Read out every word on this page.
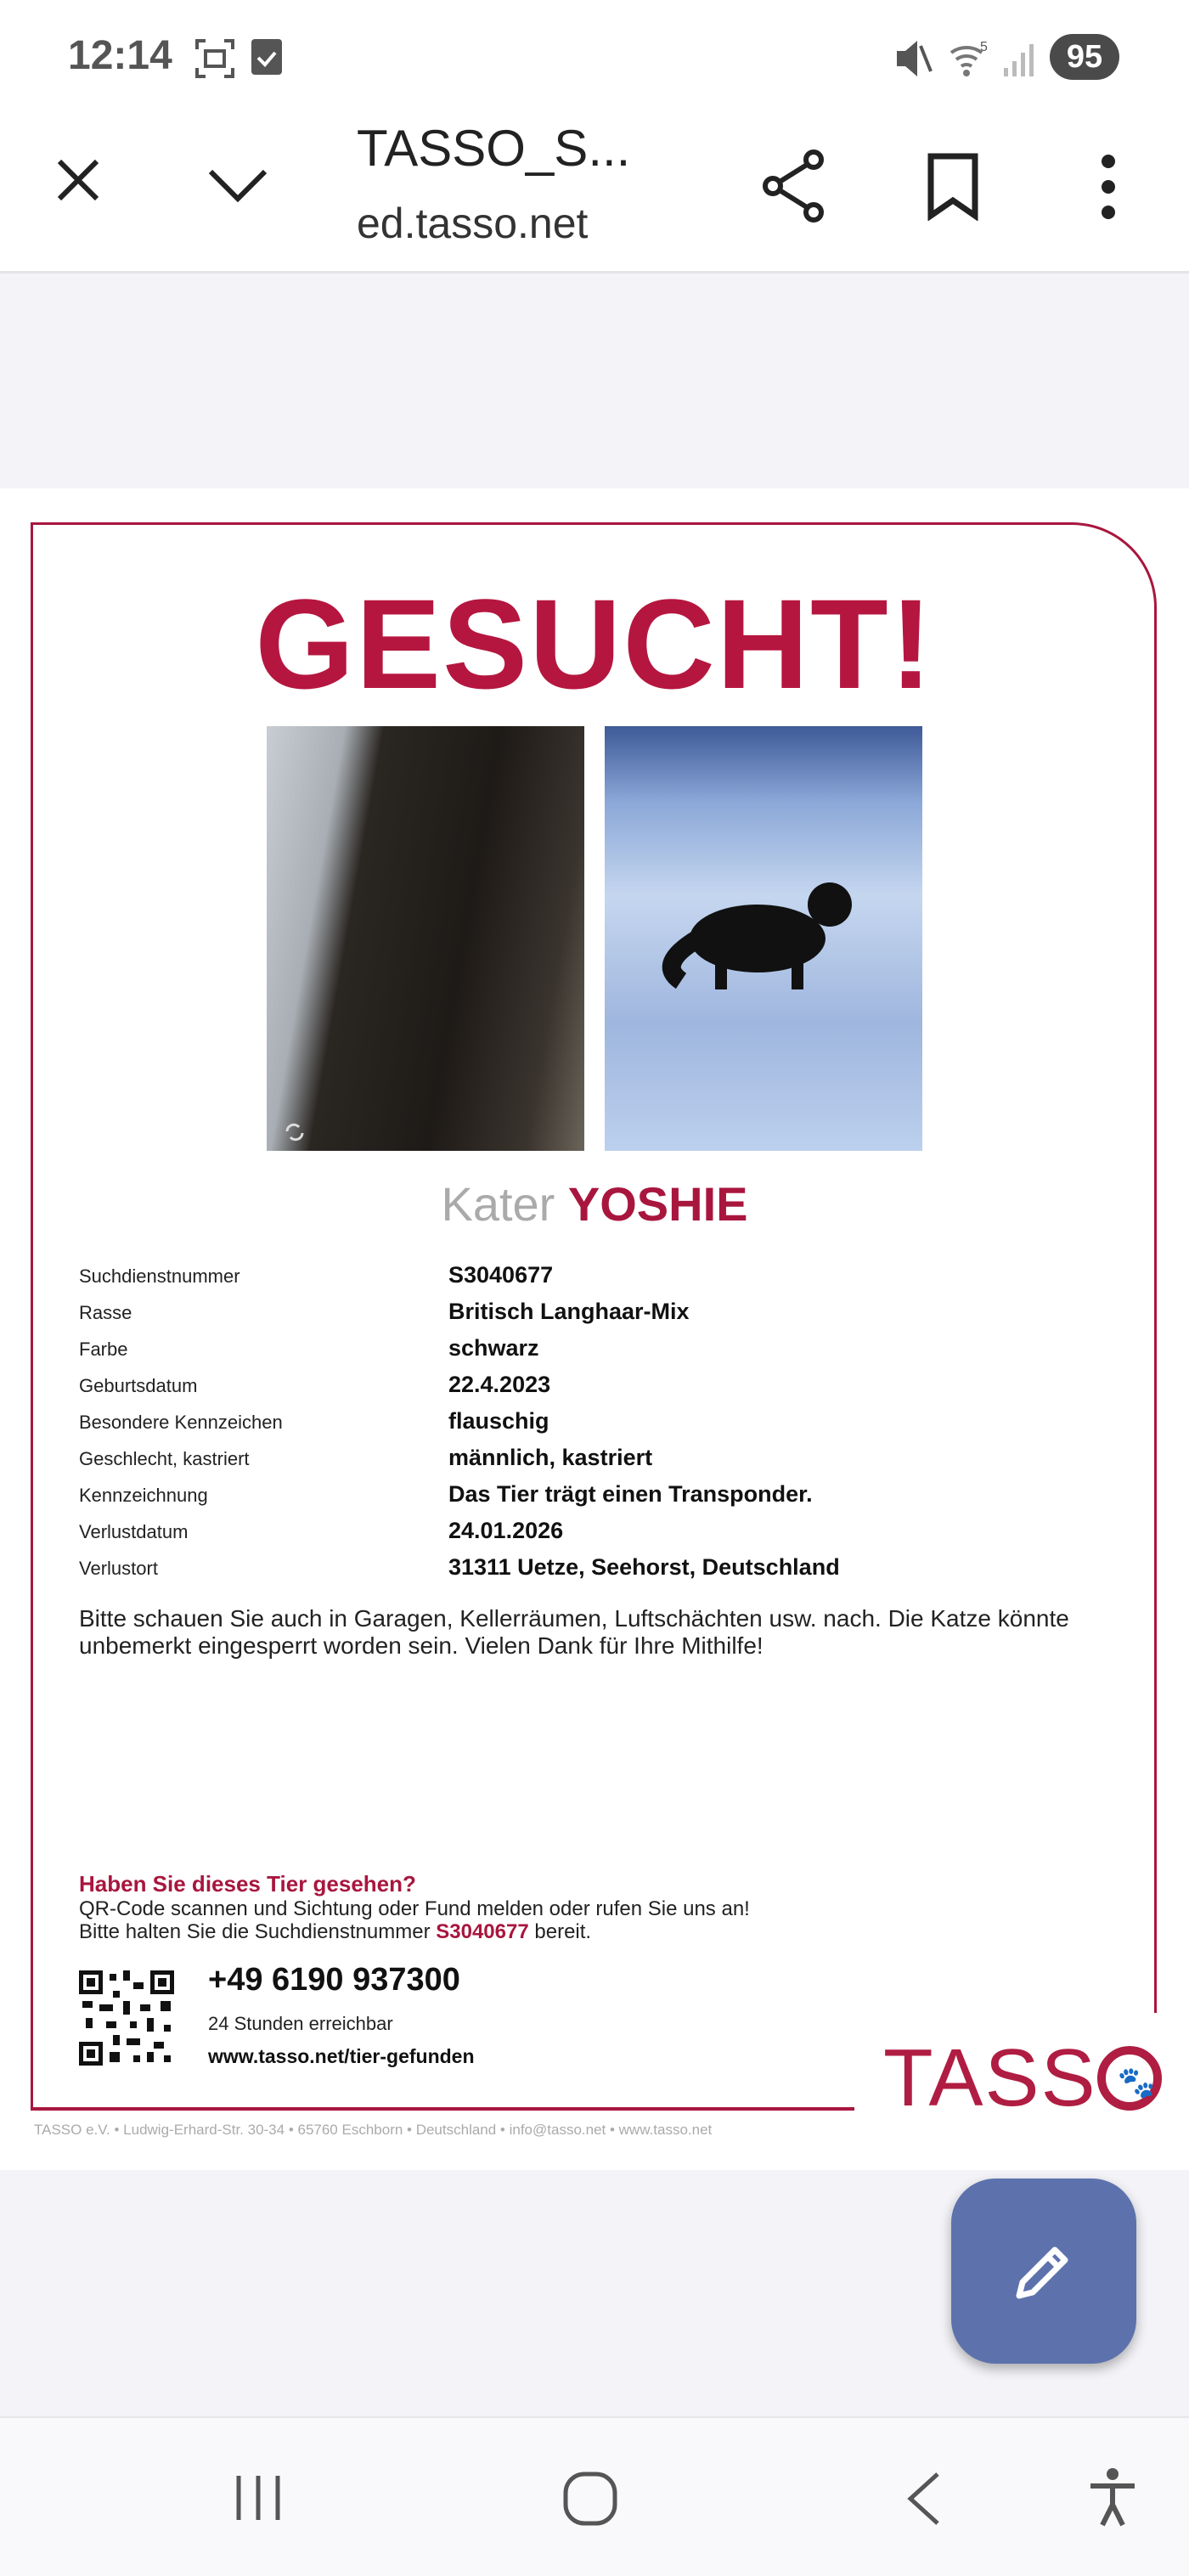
12:14	5	95
TASSO_S...
ed.tasso.net
GESUCHT!
Kater YOSHIE
Suchdienstnummer	S3040677
Rasse	Britisch Langhaar-Mix
Farbe	schwarz
Geburtsdatum	22.4.2023
Besondere Kennzeichen	flauschig
Geschlecht, kastriert	männlich, kastriert
Kennzeichnung	Das Tier trägt einen Transponder.
Verlustdatum	24.01.2026
Verlustort	31311 Uetze, Seehorst, Deutschland
Bitte schauen Sie auch in Garagen, Kellerräumen, Luftschächten usw. nach. Die Katze könnte unbemerkt eingesperrt worden sein. Vielen Dank für Ihre Mithilfe!
Haben Sie dieses Tier gesehen?
QR-Code scannen und Sichtung oder Fund melden oder rufen Sie uns an!
Bitte halten Sie die Suchdienstnummer S3040677 bereit.
+49 6190 937300
24 Stunden erreichbar
www.tasso.net/tier-gefunden	TASS 🐾
TASSO e.V. • Ludwig-Erhard-Str. 30-34 • 65760 Eschborn • Deutschland • info@tasso.net • www.tasso.net
